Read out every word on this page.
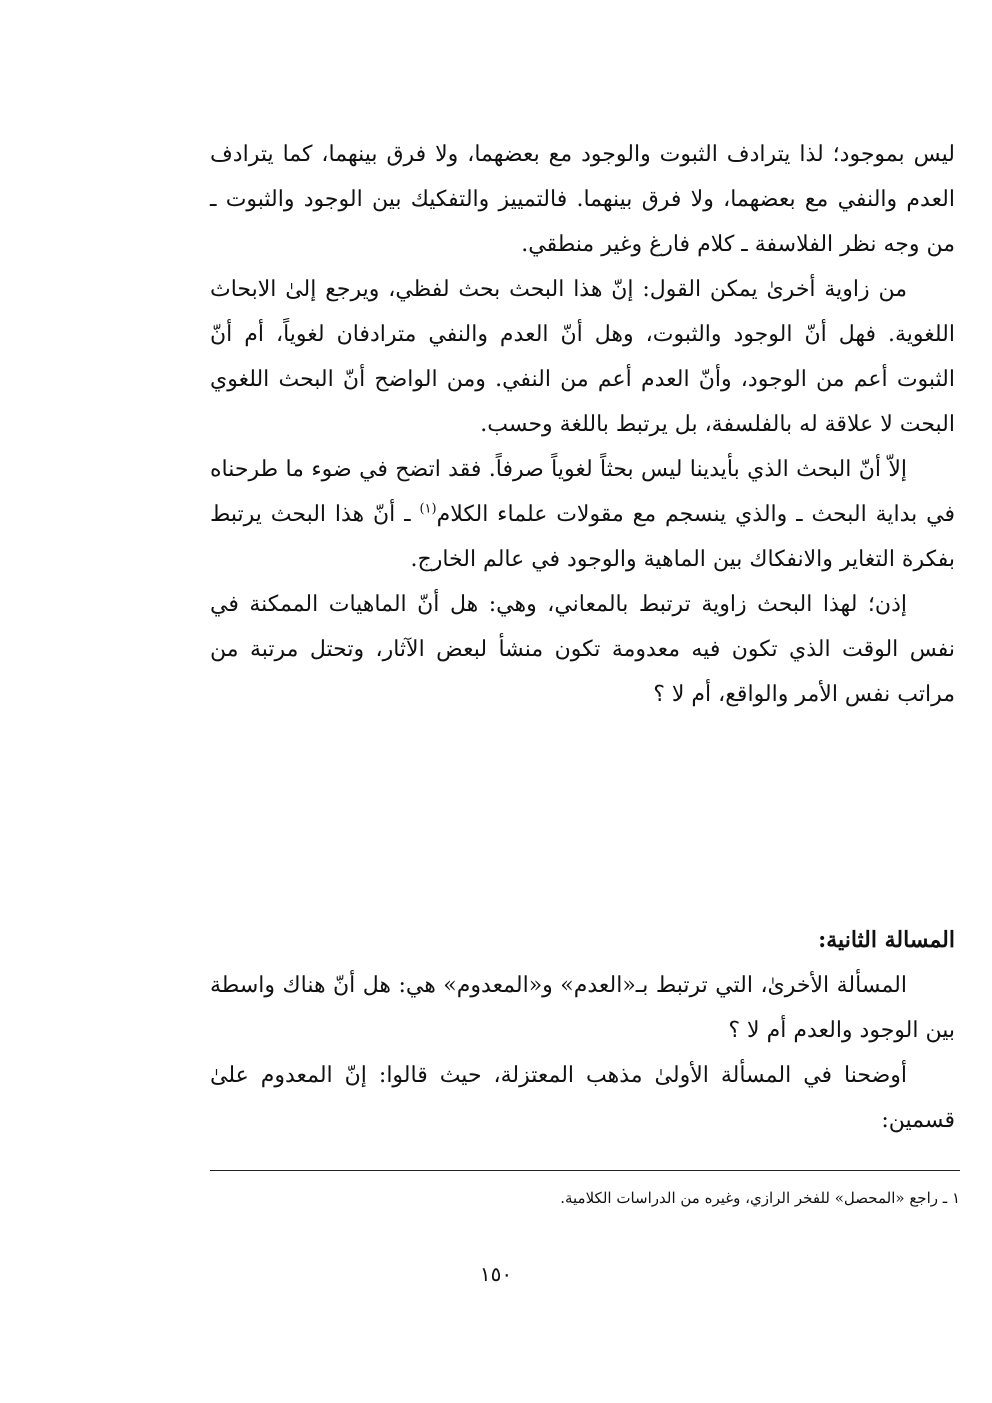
ليس بموجود؛ لذا يترادف الثبوت والوجود مع بعضهما، ولا فرق بينهما، كما يترادف العدم والنفي مع بعضهما، ولا فرق بينهما. فالتمييز والتفكيك بين الوجود والثبوت ـ من وجه نظر الفلاسفة ـ كلام فارغ وغير منطقي.

من زاوية أخرىٰ يمكن القول: إنّ هذا البحث بحث لفظي، ويرجع إلىٰ الابحاث اللغوية. فهل أنّ الوجود والثبوت، وهل أنّ العدم والنفي مترادفان لغوياً، أم أنّ الثبوت أعم من الوجود، وأنّ العدم أعم من النفي. ومن الواضح أنّ البحث اللغوي البحت لا علاقة له بالفلسفة، بل يرتبط باللغة وحسب.

إلاّ أنّ البحث الذي بأيدينا ليس بحثاً لغوياً صرفاً. فقد اتضح في ضوء ما طرحناه في بداية البحث ـ والذي ينسجم مع مقولات علماء الكلام$^{(١)}$ ـ أنّ هذا البحث يرتبط بفكرة التغاير والانفكاك بين الماهية والوجود في عالم الخارج.

إذن؛ لهذا البحث زاوية ترتبط بالمعاني، وهي: هل أنّ الماهيات الممكنة في نفس الوقت الذي تكون فيه معدومة تكون منشأ لبعض الآثار، وتحتل مرتبة من مراتب نفس الأمر والواقع، أم لا ؟

المسالة الثانية:

المسألة الأخرىٰ، التي ترتبط بـ«العدم» و«المعدوم» هي: هل أنّ هناك واسطة بين الوجود والعدم أم لا ؟

أوضحنا في المسألة الأولىٰ مذهب المعتزلة، حيث قالوا: إنّ المعدوم علىٰ قسمين:

١ ـ راجع «المحصل» للفخر الرازي، وغيره من الدراسات الكلامية.
١٥٠
